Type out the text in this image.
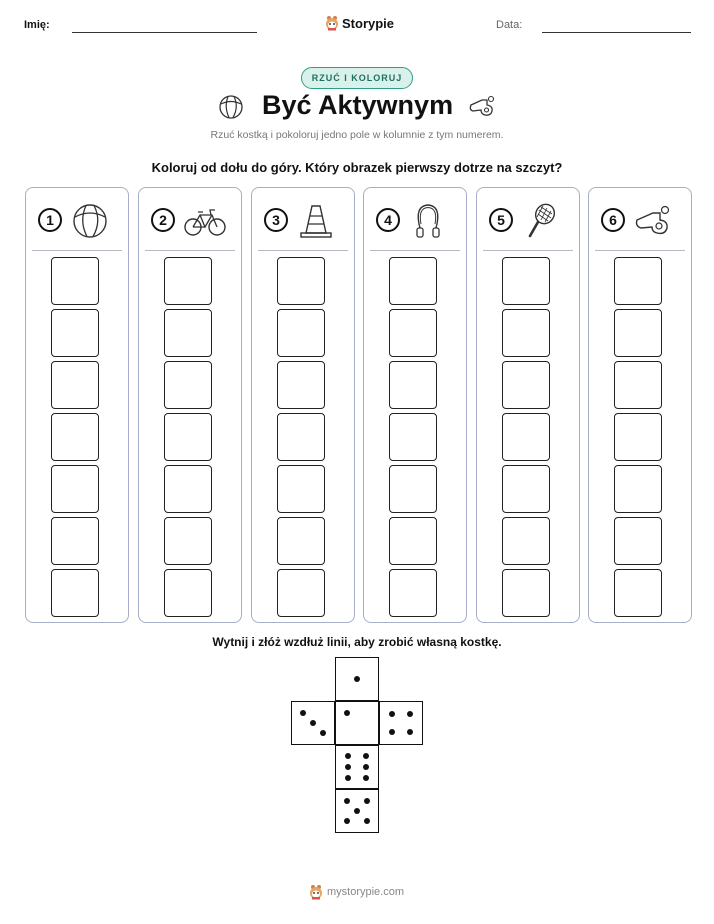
Imię:	Storypie	Data:
RZUĆ I KOLORUJ
Być Aktywnym
Rzuć kostką i pokoloruj jedno pole w kolumnie z tym numerem.
Koloruj od dołu do góry. Który obrazek pierwszy dotrze na szczyt?
1	2	3	4	5	6
Wytnij i złóż wzdłuż linii, aby zrobić własną kostkę.
mystorypie.com
